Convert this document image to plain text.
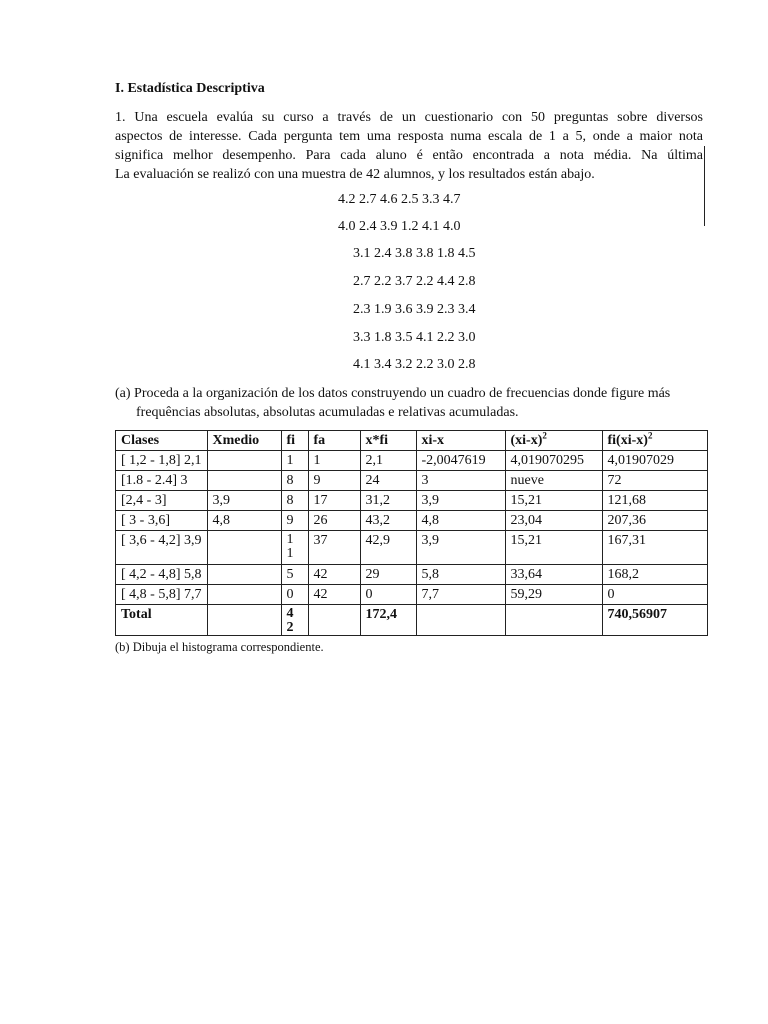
I. Estadística Descriptiva
1. Una escuela evalúa su curso a través de un cuestionario con 50 preguntas sobre diversos
aspectos de interesse. Cada pergunta tem uma resposta numa escala de 1 a 5, onde a maior nota
significa melhor desempenho. Para cada aluno é então encontrada a nota média. Na última
La evaluación se realizó con una muestra de 42 alumnos, y los resultados están abajo.
4.2 2.7 4.6 2.5 3.3 4.7
4.0 2.4 3.9 1.2 4.1 4.0
3.1 2.4 3.8 3.8 1.8 4.5
2.7 2.2 3.7 2.2 4.4 2.8
2.3 1.9 3.6 3.9 2.3 3.4
3.3 1.8 3.5 4.1 2.2 3.0
4.1 3.4 3.2 2.2 3.0 2.8
(a) Proceda a la organización de los datos construyendo un cuadro de frecuencias donde figure más
frequências absolutas, absolutas acumuladas e relativas acumuladas.
Clases	Xmedio	fi	fa	x*fi	xi-x	$(xi-x)^2$	$fi(xi-x)^2$
[ 1,2 - 1,8] 2,1		1	1	2,1	-2,0047619	4,019070295	4,01907029
[1.8 - 2.4] 3		8	9	24	3	nueve	72
[2,4 - 3]	3,9	8	17	31,2	3,9	15,21	121,68
[ 3 - 3,6]	4,8	9	26	43,2	4,8	23,04	207,36
[ 3,6 - 4,2] 3,9		11	37	42,9	3,9	15,21	167,31
[ 4,2 - 4,8] 5,8		5	42	29	5,8	33,64	168,2
[ 4,8 - 5,8] 7,7		0	42	0	7,7	59,29	0
Total		42		172,4			740,56907
(b) Dibuja el histograma correspondiente.
